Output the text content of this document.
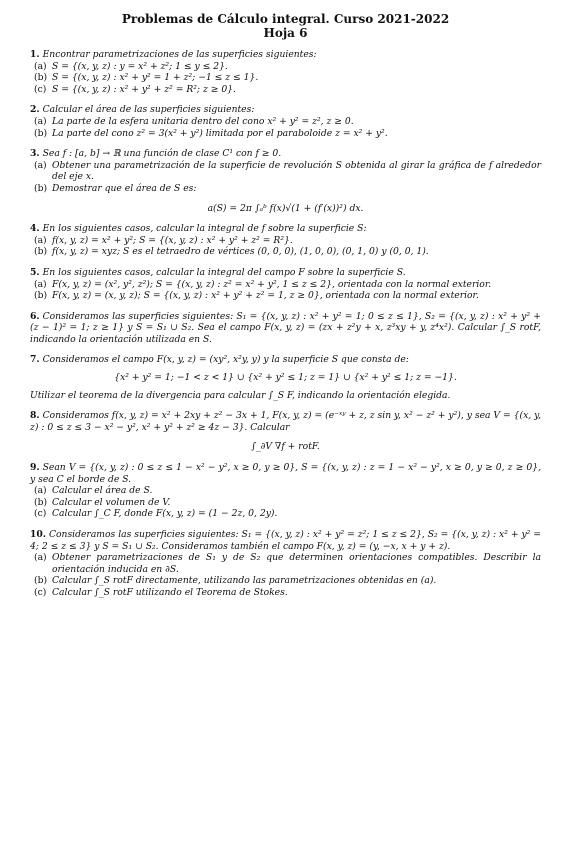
Problemas de Cálculo integral. Curso 2021-2022
Hoja 6
1. Encontrar parametrizaciones de las superficies siguientes:
(a) S = {(x, y, z) : y = x² + z²; 1 ≤ y ≤ 2}.
(b) S = {(x, y, z) : x² + y² = 1 + z²; −1 ≤ z ≤ 1}.
(c) S = {(x, y, z) : x² + y² + z² = R²; z ≥ 0}.
2. Calcular el área de las superficies siguientes:
(a) La parte de la esfera unitaria dentro del cono x² + y² = z², z ≥ 0.
(b) La parte del cono z² = 3(x² + y²) limitada por el paraboloide z = x² + y².
3. Sea f : [a, b] → ℝ una función de clase C¹ con f ≥ 0.
(a) Obtener una parametrización de la superficie de revolución S obtenida al girar la gráfica de f alrededor del eje x.
(b) Demostrar que el área de S es:
a(S) = 2π ∫ₐᵇ f(x)√(1 + (f′(x))²) dx.
4. En los siguientes casos, calcular la integral de f sobre la superficie S:
(a) f(x, y, z) = x² + y²; S = {(x, y, z) : x² + y² + z² = R²}.
(b) f(x, y, z) = xyz; S es el tetraedro de vértices (0, 0, 0), (1, 0, 0), (0, 1, 0) y (0, 0, 1).
5. En los siguientes casos, calcular la integral del campo F sobre la superficie S.
(a) F(x, y, z) = (x², y², z²); S = {(x, y, z) : z² = x² + y², 1 ≤ z ≤ 2}, orientada con la normal exterior.
(b) F(x, y, z) = (x, y, z); S = {(x, y, z) : x² + y² + z² = 1, z ≥ 0}, orientada con la normal exterior.
6. Consideramos las superficies siguientes: S₁ = {(x, y, z) : x² + y² = 1; 0 ≤ z ≤ 1}, S₂ = {(x, y, z) : x² + y² + (z − 1)² = 1; z ≥ 1} y S = S₁ ∪ S₂. Sea el campo F(x, y, z) = (zx + z²y + x, z³xy + y, z⁴x²). Calcular ∫_S rotF, indicando la orientación utilizada en S.
7. Consideramos el campo F(x, y, z) = (xy², x²y, y) y la superficie S que consta de:
{x² + y² = 1; −1 < z < 1} ∪ {x² + y² ≤ 1; z = 1} ∪ {x² + y² ≤ 1; z = −1}.
Utilizar el teorema de la divergencia para calcular ∫_S F, indicando la orientación elegida.
8. Consideramos f(x, y, z) = x² + 2xy + z² − 3x + 1, F(x, y, z) = (e⁻ˣʸ + z, z sin y, x² − z² + y²), y sea V = {(x, y, z) : 0 ≤ z ≤ 3 − x² − y², x² + y² + z² ≥ 4z − 3}. Calcular
∫_∂V ∇f + rotF.
9. Sean V = {(x, y, z) : 0 ≤ z ≤ 1 − x² − y², x ≥ 0, y ≥ 0}, S = {(x, y, z) : z = 1 − x² − y², x ≥ 0, y ≥ 0, z ≥ 0}, y sea C el borde de S.
(a) Calcular el área de S.
(b) Calcular el volumen de V.
(c) Calcular ∫_C F, donde F(x, y, z) = (1 − 2z, 0, 2y).
10. Consideramos las superficies siguientes: S₁ = {(x, y, z) : x² + y² = z²; 1 ≤ z ≤ 2}, S₂ = {(x, y, z) : x² + y² = 4; 2 ≤ z ≤ 3} y S = S₁ ∪ S₂. Consideramos también el campo F(x, y, z) = (y, −x, x + y + z).
(a) Obtener parametrizaciones de S₁ y de S₂ que determinen orientaciones compatibles. Describir la orientación inducida en ∂S.
(b) Calcular ∫_S rotF directamente, utilizando las parametrizaciones obtenidas en (a).
(c) Calcular ∫_S rotF utilizando el Teorema de Stokes.
